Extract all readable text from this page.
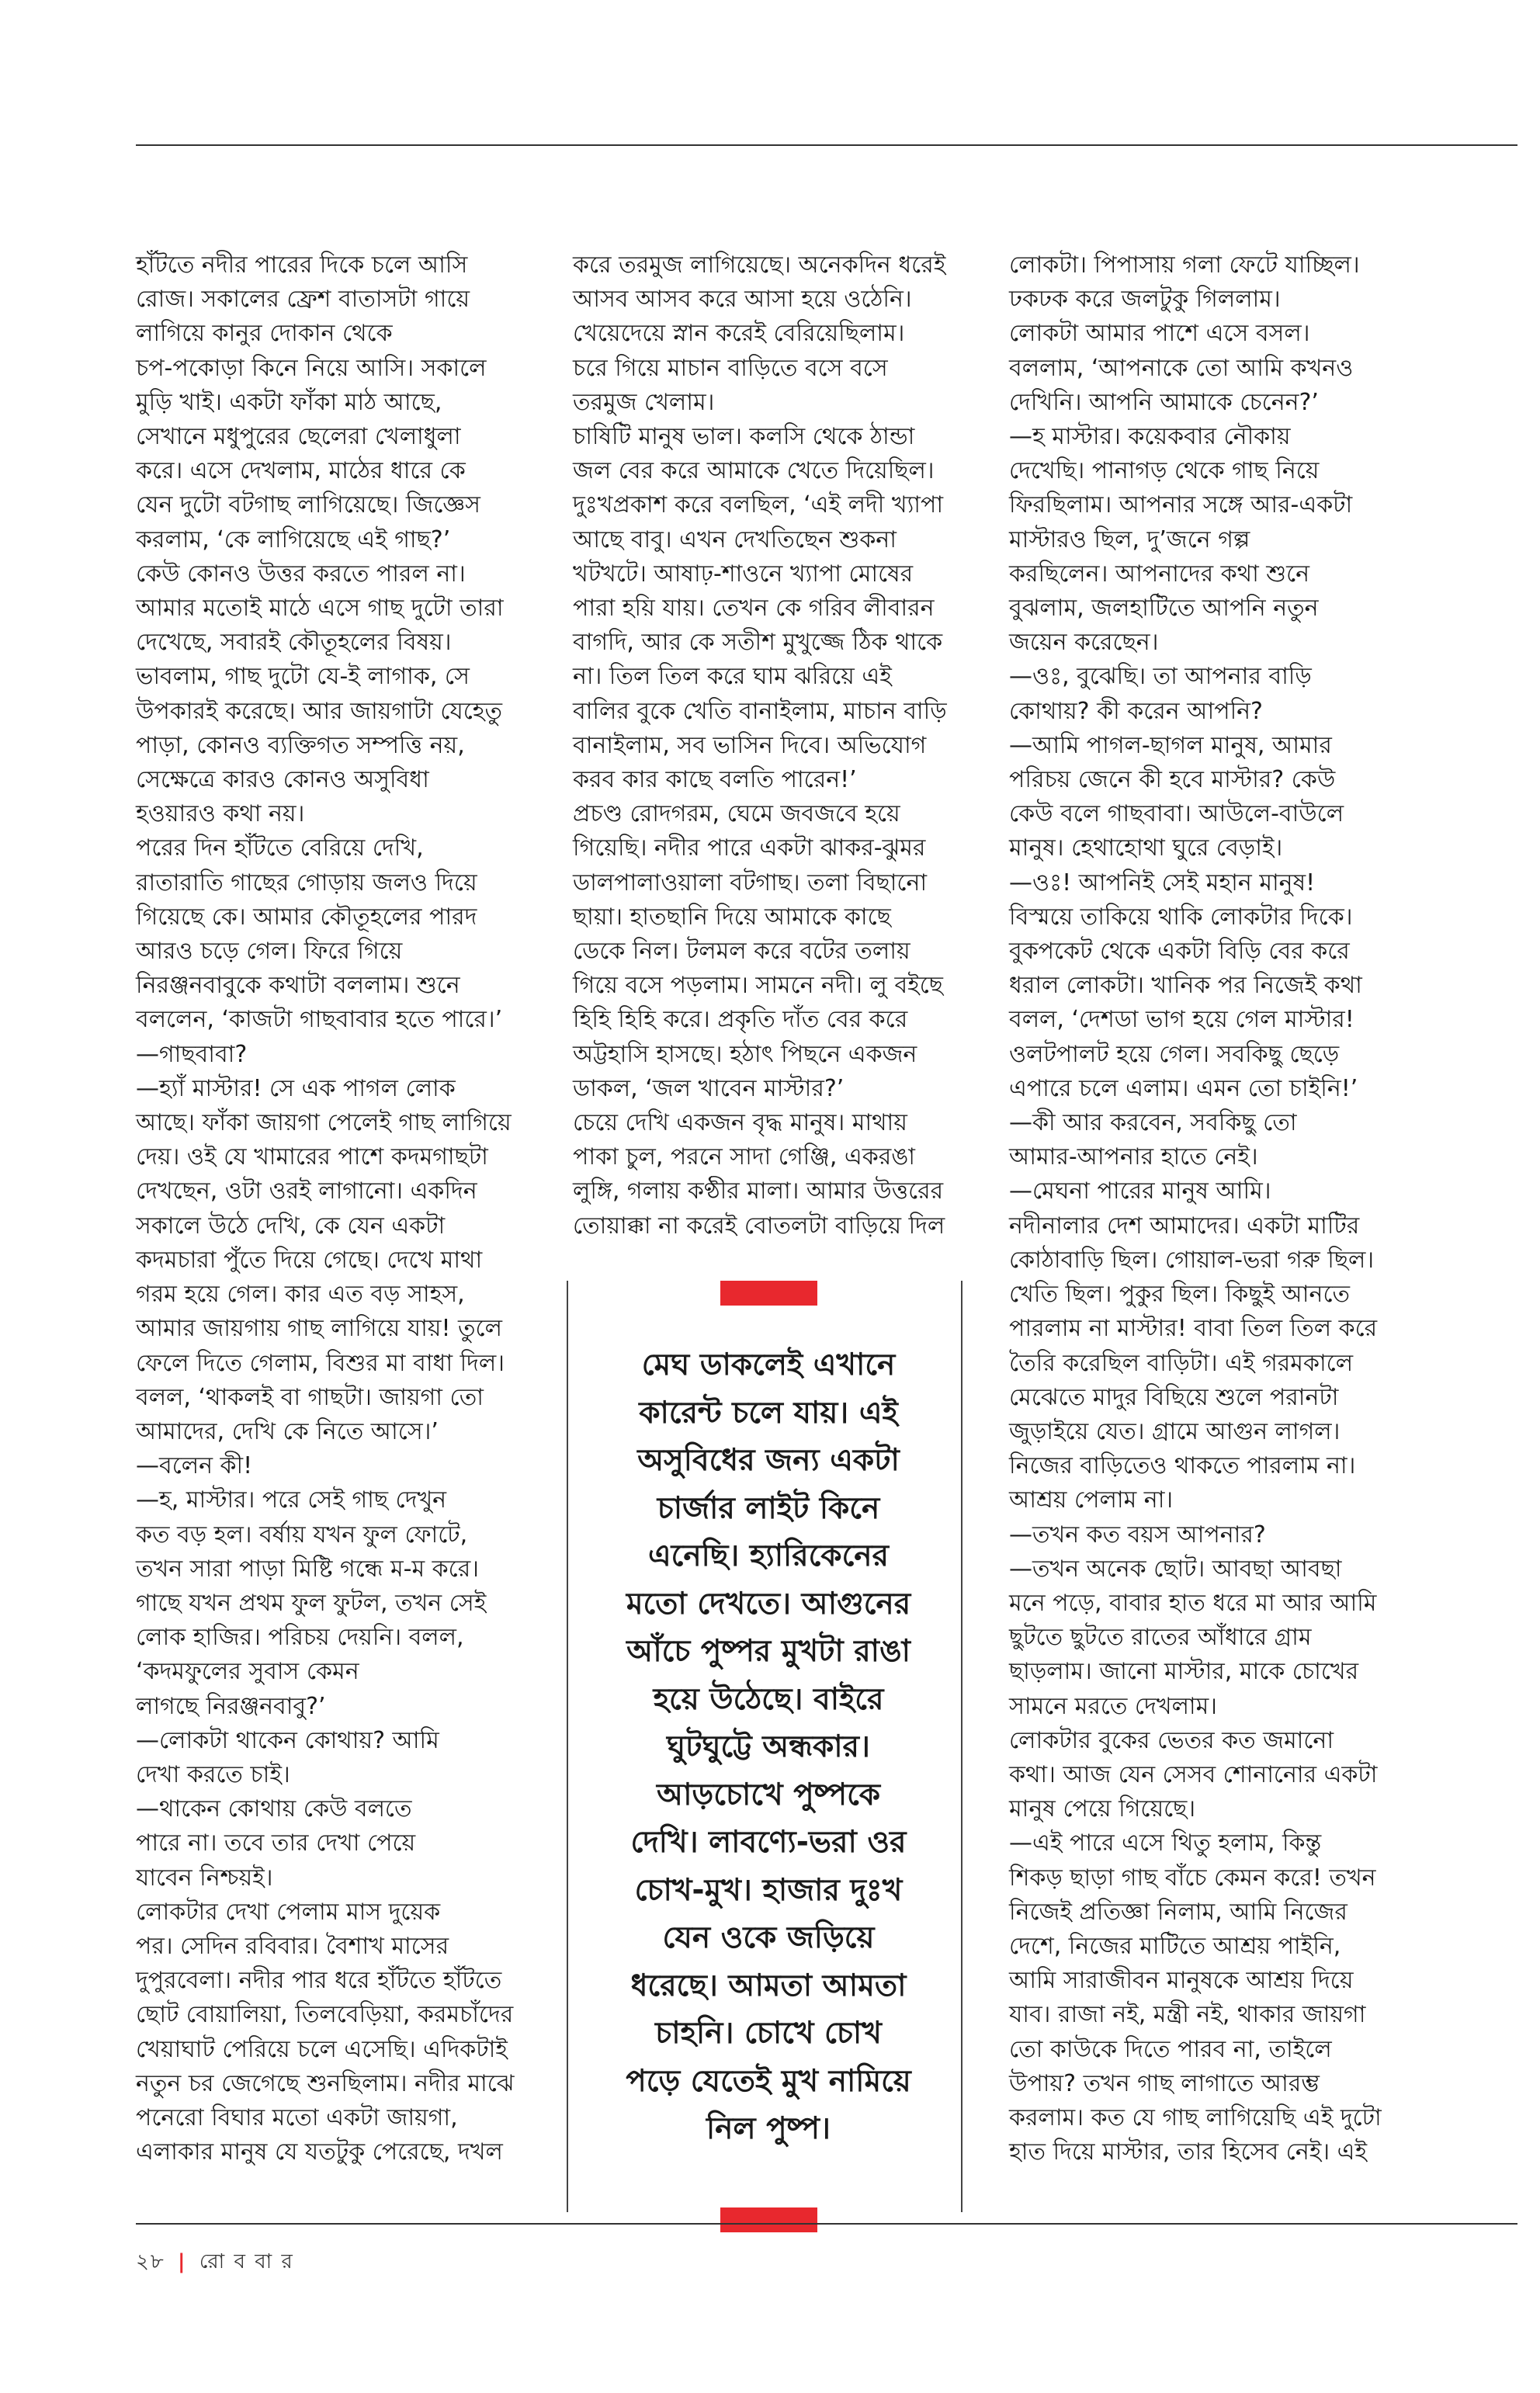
হাঁটতে নদীর পারের দিকে চলে আসি

রোজ। সকালের ফ্রেশ বাতাসটা গায়ে

লাগিয়ে কানুর দোকান থেকে

চপ-পকোড়া কিনে নিয়ে আসি। সকালে

মুড়ি খাই। একটা ফাঁকা মাঠ আছে,

সেখানে মধুপুরের ছেলেরা খেলাধুলা

করে। এসে দেখলাম, মাঠের ধারে কে

যেন দুটো বটগাছ লাগিয়েছে। জিজ্ঞেস

করলাম, ‘কে লাগিয়েছে এই গাছ?’

কেউ কোনও উত্তর করতে পারল না।

আমার মতোই মাঠে এসে গাছ দুটো তারা

দেখেছে, সবারই কৌতূহলের বিষয়।

ভাবলাম, গাছ দুটো যে-ই লাগাক, সে

উপকারই করেছে। আর জায়গাটা যেহেতু

পাড়া, কোনও ব্যক্তিগত সম্পত্তি নয়,

সেক্ষেত্রে কারও কোনও অসুবিধা

হওয়ারও কথা নয়।

পরের দিন হাঁটতে বেরিয়ে দেখি,

রাতারাতি গাছের গোড়ায় জলও দিয়ে

গিয়েছে কে। আমার কৌতূহলের পারদ

আরও চড়ে গেল। ফিরে গিয়ে

নিরঞ্জনবাবুকে কথাটা বললাম। শুনে

বললেন, ‘কাজটা গাছবাবার হতে পারে।’

—গাছবাবা?

—হ্যাঁ মাস্টার! সে এক পাগল লোক

আছে। ফাঁকা জায়গা পেলেই গাছ লাগিয়ে

দেয়। ওই যে খামারের পাশে কদমগাছটা

দেখছেন, ওটা ওরই লাগানো। একদিন

সকালে উঠে দেখি, কে যেন একটা

কদমচারা পুঁতে দিয়ে গেছে। দেখে মাথা

গরম হয়ে গেল। কার এত বড় সাহস,

আমার জায়গায় গাছ লাগিয়ে যায়! তুলে

ফেলে দিতে গেলাম, বিশুর মা বাধা দিল।

বলল, ‘থাকলই বা গাছটা। জায়গা তো

আমাদের, দেখি কে নিতে আসে।’

—বলেন কী!

—হ, মাস্টার। পরে সেই গাছ দেখুন

কত বড় হল। বর্ষায় যখন ফুল ফোটে,

তখন সারা পাড়া মিষ্টি গন্ধে ম-ম করে।

গাছে যখন প্রথম ফুল ফুটল, তখন সেই

লোক হাজির। পরিচয় দেয়নি। বলল,

‘কদমফুলের সুবাস কেমন

লাগছে নিরঞ্জনবাবু?’

—লোকটা থাকেন কোথায়? আমি

দেখা করতে চাই।

—থাকেন কোথায় কেউ বলতে

পারে না। তবে তার দেখা পেয়ে

যাবেন নিশ্চয়ই।

লোকটার দেখা পেলাম মাস দুয়েক

পর। সেদিন রবিবার। বৈশাখ মাসের

দুপুরবেলা। নদীর পার ধরে হাঁটতে হাঁটতে

ছোট বোয়ালিয়া, তিলবেড়িয়া, করমচাঁদের

খেয়াঘাট পেরিয়ে চলে এসেছি। এদিকটাই

নতুন চর জেগেছে শুনছিলাম। নদীর মাঝে

পনেরো বিঘার মতো একটা জায়গা,

এলাকার মানুষ যে যতটুকু পেরেছে, দখল

করে তরমুজ লাগিয়েছে। অনেকদিন ধরেই

আসব আসব করে আসা হয়ে ওঠেনি।

খেয়েদেয়ে স্নান করেই বেরিয়েছিলাম।

চরে গিয়ে মাচান বাড়িতে বসে বসে

তরমুজ খেলাম।

চাষিটি মানুষ ভাল। কলসি থেকে ঠান্ডা

জল বের করে আমাকে খেতে দিয়েছিল।

দুঃখপ্রকাশ করে বলছিল, ‘এই লদী খ্যাপা

আছে বাবু। এখন দেখতিছেন শুকনা

খটখটে। আষাঢ়-শাওনে খ্যাপা মোষের

পারা হয়ি যায়। তেখন কে গরিব লীবারন

বাগদি, আর কে সতীশ মুখুজ্জে ঠিক থাকে

না। তিল তিল করে ঘাম ঝরিয়ে এই

বালির বুকে খেতি বানাইলাম, মাচান বাড়ি

বানাইলাম, সব ভাসিন দিবে। অভিযোগ

করব কার কাছে বলতি পারেন!’

প্রচণ্ড রোদগরম, ঘেমে জবজবে হয়ে

গিয়েছি। নদীর পারে একটা ঝাকর-ঝুমর

ডালপালাওয়ালা বটগাছ। তলা বিছানো

ছায়া। হাতছানি দিয়ে আমাকে কাছে

ডেকে নিল। টলমল করে বটের তলায়

গিয়ে বসে পড়লাম। সামনে নদী। লু বইছে

হিহি হিহি করে। প্রকৃতি দাঁত বের করে

অট্টহাসি হাসছে। হঠাৎ পিছনে একজন

ডাকল, ‘জল খাবেন মাস্টার?’

চেয়ে দেখি একজন বৃদ্ধ মানুষ। মাথায়

পাকা চুল, পরনে সাদা গেঞ্জি, একরঙা

লুঙ্গি, গলায় কণ্ঠীর মালা। আমার উত্তরের

তোয়াক্কা না করেই বোতলটা বাড়িয়ে দিল

মেঘ ডাকলেই এখানে

কারেন্ট চলে যায়। এই

অসুবিধের জন্য একটা

চার্জার লাইট কিনে

এনেছি। হ্যারিকেনের

মতো দেখতে। আগুনের

আঁচে পুষ্পর মুখটা রাঙা

হয়ে উঠেছে। বাইরে

ঘুটঘুট্টে অন্ধকার।

আড়চোখে পুষ্পকে

দেখি। লাবণ্যে-ভরা ওর

চোখ-মুখ। হাজার দুঃখ

যেন ওকে জড়িয়ে

ধরেছে। আমতা আমতা

চাহনি। চোখে চোখ

পড়ে যেতেই মুখ নামিয়ে

নিল পুষ্প।

লোকটা। পিপাসায় গলা ফেটে যাচ্ছিল।

ঢকঢক করে জলটুকু গিললাম।

লোকটা আমার পাশে এসে বসল।

বললাম, ‘আপনাকে তো আমি কখনও

দেখিনি। আপনি আমাকে চেনেন?’

—হ মাস্টার। কয়েকবার নৌকায়

দেখেছি। পানাগড় থেকে গাছ নিয়ে

ফিরছিলাম। আপনার সঙ্গে আর-একটা

মাস্টারও ছিল, দু’জনে গল্প

করছিলেন। আপনাদের কথা শুনে

বুঝলাম, জলহাটিতে আপনি নতুন

জয়েন করেছেন।

—ওঃ, বুঝেছি। তা আপনার বাড়ি

কোথায়? কী করেন আপনি?

—আমি পাগল-ছাগল মানুষ, আমার

পরিচয় জেনে কী হবে মাস্টার? কেউ

কেউ বলে গাছবাবা। আউলে-বাউলে

মানুষ। হেথাহোথা ঘুরে বেড়াই।

—ওঃ! আপনিই সেই মহান মানুষ!

বিস্ময়ে তাকিয়ে থাকি লোকটার দিকে।

বুকপকেট থেকে একটা বিড়ি বের করে

ধরাল লোকটা। খানিক পর নিজেই কথা

বলল, ‘দেশডা ভাগ হয়ে গেল মাস্টার!

ওলটপালট হয়ে গেল। সবকিছু ছেড়ে

এপারে চলে এলাম। এমন তো চাইনি!’

—কী আর করবেন, সবকিছু তো

আমার-আপনার হাতে নেই।

—মেঘনা পারের মানুষ আমি।

নদীনালার দেশ আমাদের। একটা মাটির

কোঠাবাড়ি ছিল। গোয়াল-ভরা গরু ছিল।

খেতি ছিল। পুকুর ছিল। কিছুই আনতে

পারলাম না মাস্টার! বাবা তিল তিল করে

তৈরি করেছিল বাড়িটা। এই গরমকালে

মেঝেতে মাদুর বিছিয়ে শুলে পরানটা

জুড়াইয়ে যেত। গ্রামে আগুন লাগল।

নিজের বাড়িতেও থাকতে পারলাম না।

আশ্রয় পেলাম না।

—তখন কত বয়স আপনার?

—তখন অনেক ছোট। আবছা আবছা

মনে পড়ে, বাবার হাত ধরে মা আর আমি

ছুটতে ছুটতে রাতের আঁধারে গ্রাম

ছাড়লাম। জানো মাস্টার, মাকে চোখের

সামনে মরতে দেখলাম।

লোকটার বুকের ভেতর কত জমানো

কথা। আজ যেন সেসব শোনানোর একটা

মানুষ পেয়ে গিয়েছে।

—এই পারে এসে থিতু হলাম, কিন্তু

শিকড় ছাড়া গাছ বাঁচে কেমন করে! তখন

নিজেই প্রতিজ্ঞা নিলাম, আমি নিজের

দেশে, নিজের মাটিতে আশ্রয় পাইনি,

আমি সারাজীবন মানুষকে আশ্রয় দিয়ে

যাব। রাজা নই, মন্ত্রী নই, থাকার জায়গা

তো কাউকে দিতে পারব না, তাইলে

উপায়? তখন গাছ লাগাতে আরম্ভ

করলাম। কত যে গাছ লাগিয়েছি এই দুটো

হাত দিয়ে মাস্টার, তার হিসেব নেই। এই

২৮ | রো ব বা র
